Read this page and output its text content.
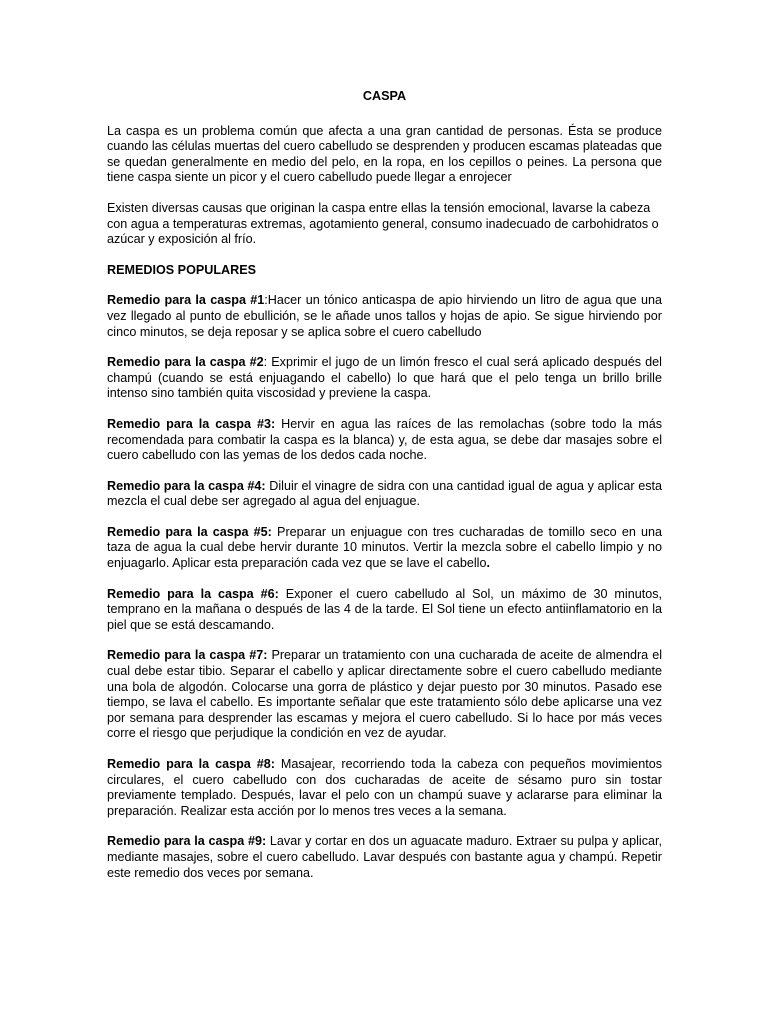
CASPA

La caspa es un problema común que afecta a una gran cantidad de personas. Ésta se produce cuando las células muertas del cuero cabelludo se desprenden y producen escamas plateadas que se quedan generalmente en medio del pelo, en la ropa, en los cepillos o peines. La persona que tiene caspa siente un picor y el cuero cabelludo puede llegar a enrojecer

Existen diversas causas que originan la caspa entre ellas la tensión emocional, lavarse la cabeza con agua a temperaturas extremas, agotamiento general, consumo inadecuado de carbohidratos o azúcar y exposición al frío.

REMEDIOS POPULARES

Remedio para la caspa #1:Hacer un tónico anticaspa de apio hirviendo un litro de agua que una vez llegado al punto de ebullición, se le añade unos tallos y hojas de apio. Se sigue hirviendo por cinco minutos, se deja reposar y se aplica sobre el cuero cabelludo

Remedio para la caspa #2: Exprimir el jugo de un limón fresco el cual será aplicado después del champú (cuando se está enjuagando el cabello) lo que hará que el pelo tenga un brillo brille intenso sino también quita viscosidad y previene la caspa.

Remedio para la caspa #3: Hervir en agua las raíces de las remolachas (sobre todo la más recomendada para combatir la caspa es la blanca) y, de esta agua, se debe dar masajes sobre el cuero cabelludo con las yemas de los dedos cada noche.

Remedio para la caspa #4: Diluir el vinagre de sidra con una cantidad igual de agua y aplicar esta mezcla el cual debe ser agregado al agua del enjuague.

Remedio para la caspa #5: Preparar un enjuague con tres cucharadas de tomillo seco en una taza de agua la cual debe hervir durante 10 minutos. Vertir la mezcla sobre el cabello limpio y no enjuagarlo. Aplicar esta preparación cada vez que se lave el cabello.

Remedio para la caspa #6: Exponer el cuero cabelludo al Sol, un máximo de 30 minutos, temprano en la mañana o después de las 4 de la tarde. El Sol tiene un efecto antiinflamatorio en la piel que se está descamando.

Remedio para la caspa #7: Preparar un tratamiento con una cucharada de aceite de almendra el cual debe estar tibio. Separar el cabello y aplicar directamente sobre el cuero cabelludo mediante una bola de algodón. Colocarse una gorra de plástico y dejar puesto por 30 minutos. Pasado ese tiempo, se lava el cabello. Es importante señalar que este tratamiento sólo debe aplicarse una vez por semana para desprender las escamas y mejora el cuero cabelludo. Si lo hace por más veces corre el riesgo que perjudique la condición en vez de ayudar.

Remedio para la caspa #8: Masajear, recorriendo toda la cabeza con pequeños movimientos circulares, el cuero cabelludo con dos cucharadas de aceite de sésamo puro sin tostar previamente templado. Después, lavar el pelo con un champú suave y aclararse para eliminar la preparación. Realizar esta acción por lo menos tres veces a la semana.

Remedio para la caspa #9: Lavar y cortar en dos un aguacate maduro. Extraer su pulpa y aplicar, mediante masajes, sobre el cuero cabelludo. Lavar después con bastante agua y champú. Repetir este remedio dos veces por semana.
